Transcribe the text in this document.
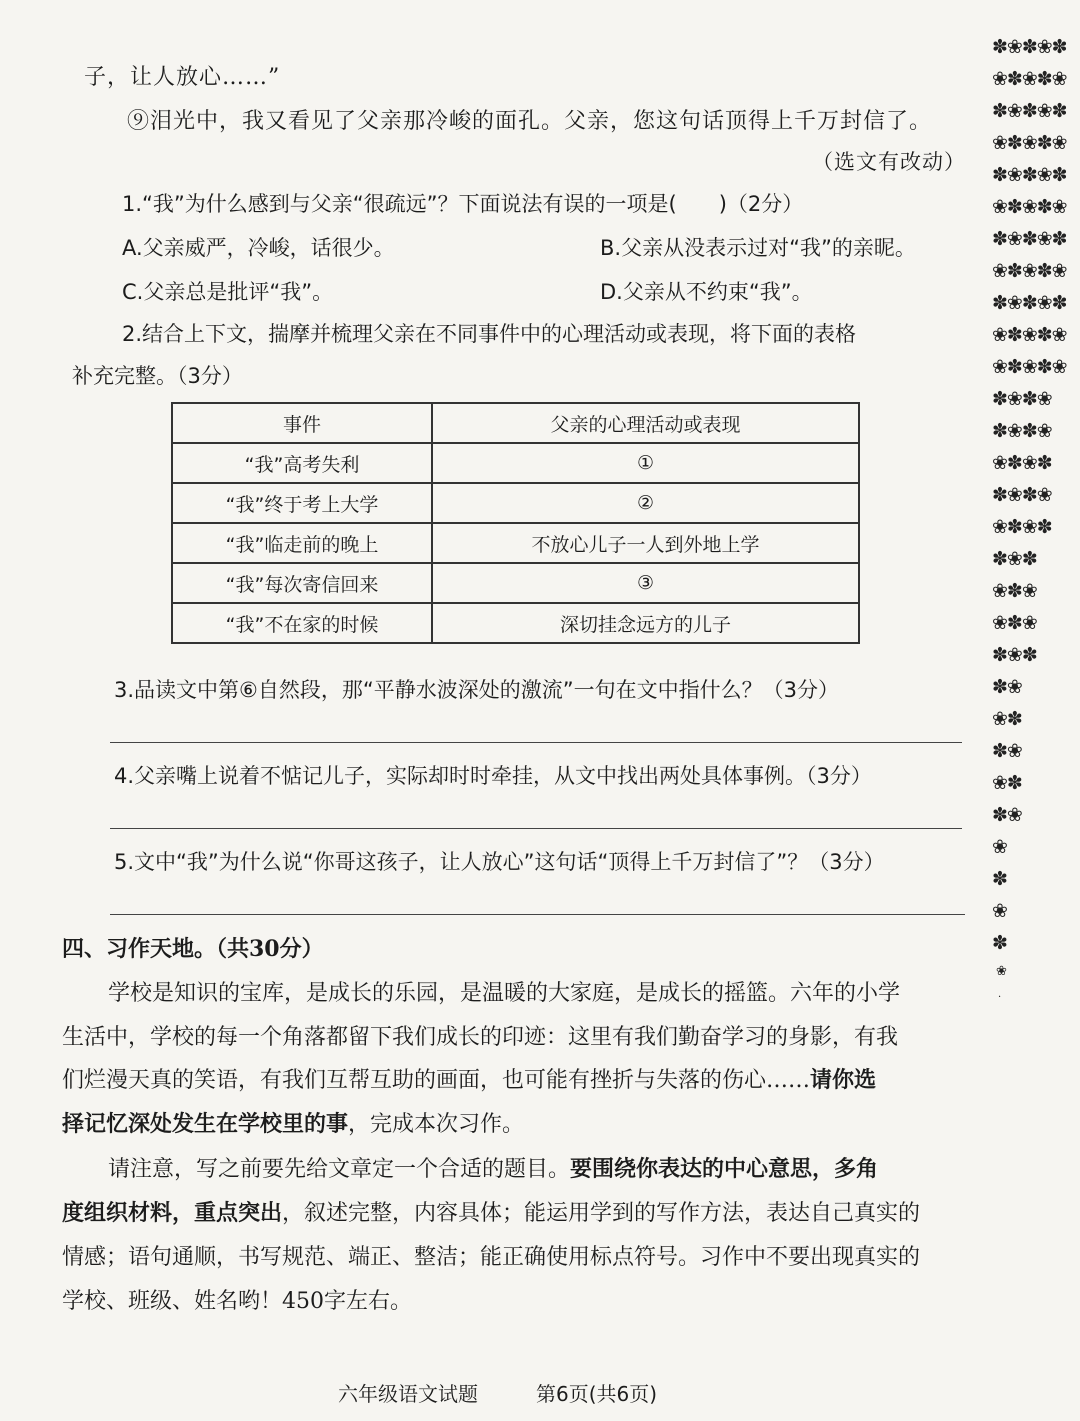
子，让人放心……”
⑨泪光中，我又看见了父亲那冷峻的面孔。父亲，您这句话顶得上千万封信了。
（选文有改动）
1.“我”为什么感到与父亲“很疏远”？下面说法有误的一项是(　　)（2分）
A.父亲威严，冷峻，话很少。	B.父亲从没表示过对“我”的亲昵。
C.父亲总是批评“我”。	D.父亲从不约束“我”。
2.结合上下文，揣摩并梳理父亲在不同事件中的心理活动或表现，将下面的表格
补充完整。（3分）
事件	父亲的心理活动或表现
“我”高考失利	①
“我”终于考上大学	②
“我”临走前的晚上	不放心儿子一人到外地上学
“我”每次寄信回来	③
“我”不在家的时候	深切挂念远方的儿子
3.品读文中第⑥自然段，那“平静水波深处的激流”一句在文中指什么？（3分）
4.父亲嘴上说着不惦记儿子，实际却时时牵挂，从文中找出两处具体事例。（3分）
5.文中“我”为什么说“你哥这孩子，让人放心”这句话“顶得上千万封信了”？（3分）
四、习作天地。（共30分）
学校是知识的宝库，是成长的乐园，是温暖的大家庭，是成长的摇篮。六年的小学
生活中，学校的每一个角落都留下我们成长的印迹：这里有我们勤奋学习的身影，有我
们烂漫天真的笑语，有我们互帮互助的画面，也可能有挫折与失落的伤心……请你选
择记忆深处发生在学校里的事，完成本次习作。
请注意，写之前要先给文章定一个合适的题目。要围绕你表达的中心意思，多角
度组织材料，重点突出，叙述完整，内容具体；能运用学到的写作方法，表达自己真实的
情感；语句通顺，书写规范、端正、整洁；能正确使用标点符号。习作中不要出现真实的
学校、班级、姓名哟！450字左右。
六年级语文试题	第6页(共6页)
✽❀✽❀✽
❀✽❀✽❀
✽❀✽❀✽
❀✽❀✽❀
✽❀✽❀✽
❀✽❀✽❀
✽❀✽❀✽
❀✽❀✽❀
✽❀✽❀✽
❀✽❀✽❀
❀✽❀✽❀
✽❀✽❀
✽❀✽❀
❀✽❀✽
✽❀✽❀
❀✽❀✽
✽❀✽
❀✽❀
❀✽❀
✽❀✽
✽❀
❀✽
✽❀
❀✽
✽❀
❀
✽
❀
✽
❀
·
